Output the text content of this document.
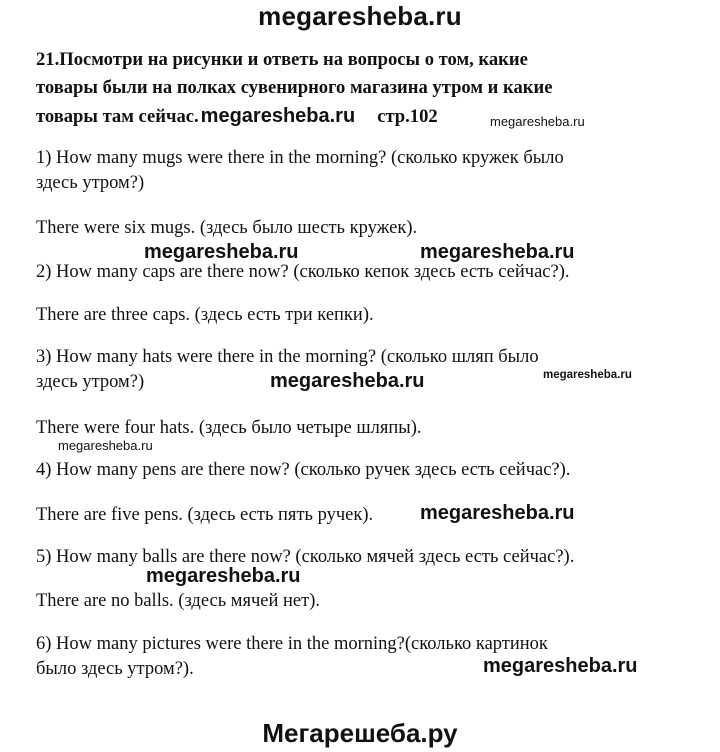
megaresheba.ru
21.Посмотри на рисунки и ответь на вопросы о том, какие
товары были на полках сувенирного магазина утром и какие
товары там сейчас. megaresheba.ru стр.102	megaresheba.ru
1) How many mugs were there in the morning? (сколько кружек было
здесь утром?)
There were six mugs. (здесь было шесть кружек).
megaresheba.ru	megaresheba.ru
2) How many caps are there now? (сколько кепок здесь есть сейчас?).
There are three caps. (здесь есть три кепки).
3) How many hats were there in the morning? (сколько шляп было
здесь утром?)	megaresheba.ru	megaresheba.ru
There were four hats. (здесь было четыре шляпы).
megaresheba.ru
4) How many pens are there now? (сколько ручек здесь есть сейчас?).
There are five pens. (здесь есть пять ручек). megaresheba.ru
5) How many balls are there now? (сколько мячей здесь есть сейчас?).
megaresheba.ru
There are no balls. (здесь мячей нет).
6) How many pictures were there in the morning?(сколько картинок
было здесь утром?).	megaresheba.ru
Мегарешеба.ру
